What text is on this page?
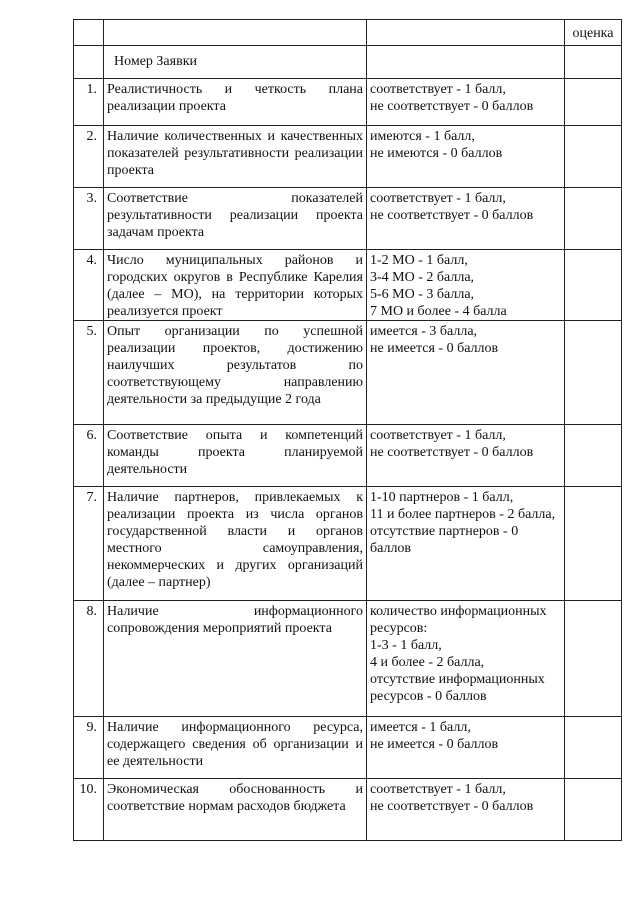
			оценка
	Номер Заявки		
1.	Реалистичность и четкость плана реализации проекта	соответствует - 1 балл,
не соответствует - 0 баллов	

2.	Наличие количественных и качественных показателей результативности реализации проекта	имеются - 1 балл,
не имеются - 0 баллов	

3.	Соответствие показателей результативности реализации проекта задачам проекта	соответствует - 1 балл,
не соответствует - 0 баллов	

4.	Число муниципальных районов и городских округов в Республике Карелия (далее – МО), на территории которых реализуется проект	1-2 МО - 1 балл,
3-4 МО - 2 балла,
5-6 МО - 3 балла,
7 МО и более - 4 балла	

5.	Опыт организации по успешной реализации проектов, достижению наилучших результатов по соответствующему направлению деятельности за предыдущие 2 года	имеется - 3 балла,
не имеется - 0 баллов	

6.	Соответствие опыта и компетенций команды проекта планируемой деятельности	соответствует - 1 балл,
не соответствует - 0 баллов	

7.	Наличие партнеров, привлекаемых к реализации проекта из числа органов государственной власти и органов местного самоуправления, некоммерческих и других организаций (далее – партнер)	1-10 партнеров - 1 балл,
11 и более партнеров - 2 балла,
отсутствие партнеров - 0 баллов	

8.	Наличие информационного сопровождения мероприятий проекта	количество информационных ресурсов:
1-3 - 1 балл,
4 и более - 2 балла,
отсутствие информационных ресурсов - 0 баллов	

9.	Наличие информационного ресурса, содержащего сведения об организации и ее деятельности	имеется - 1 балл,
не имеется - 0 баллов	

10.	Экономическая обоснованность и соответствие нормам расходов бюджета	соответствует - 1 балл,
не соответствует - 0 баллов	
